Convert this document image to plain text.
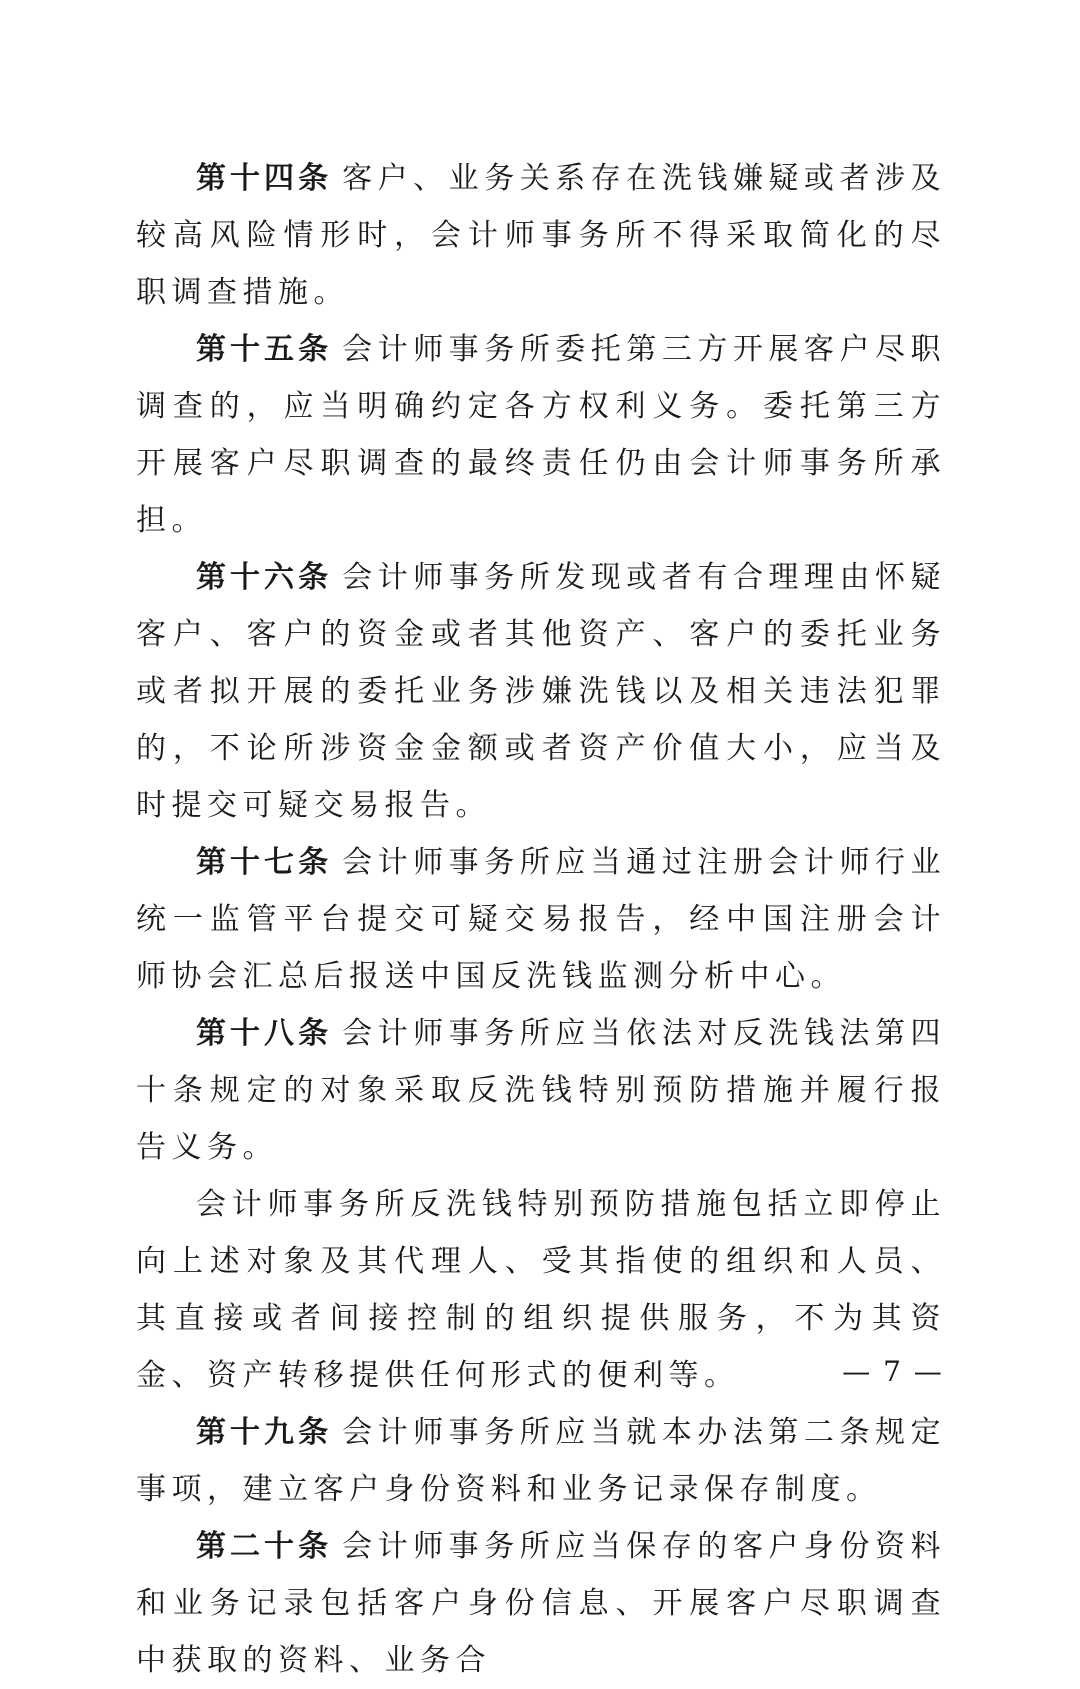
第十四条 客户、业务关系存在洗钱嫌疑或者涉及较高风险情形时，会计师事务所不得采取简化的尽职调查措施。

第十五条 会计师事务所委托第三方开展客户尽职调查的，应当明确约定各方权利义务。委托第三方开展客户尽职调查的最终责任仍由会计师事务所承担。

第十六条 会计师事务所发现或者有合理理由怀疑客户、客户的资金或者其他资产、客户的委托业务或者拟开展的委托业务涉嫌洗钱以及相关违法犯罪的，不论所涉资金金额或者资产价值大小，应当及时提交可疑交易报告。

第十七条 会计师事务所应当通过注册会计师行业统一监管平台提交可疑交易报告，经中国注册会计师协会汇总后报送中国反洗钱监测分析中心。

第十八条 会计师事务所应当依法对反洗钱法第四十条规定的对象采取反洗钱特别预防措施并履行报告义务。

会计师事务所反洗钱特别预防措施包括立即停止向上述对象及其代理人、受其指使的组织和人员、其直接或者间接控制的组织提供服务，不为其资金、资产转移提供任何形式的便利等。

第十九条 会计师事务所应当就本办法第二条规定事项，建立客户身份资料和业务记录保存制度。

第二十条 会计师事务所应当保存的客户身份资料和业务记录包括客户身份信息、开展客户尽职调查中获取的资料、业务合

— 7 —
